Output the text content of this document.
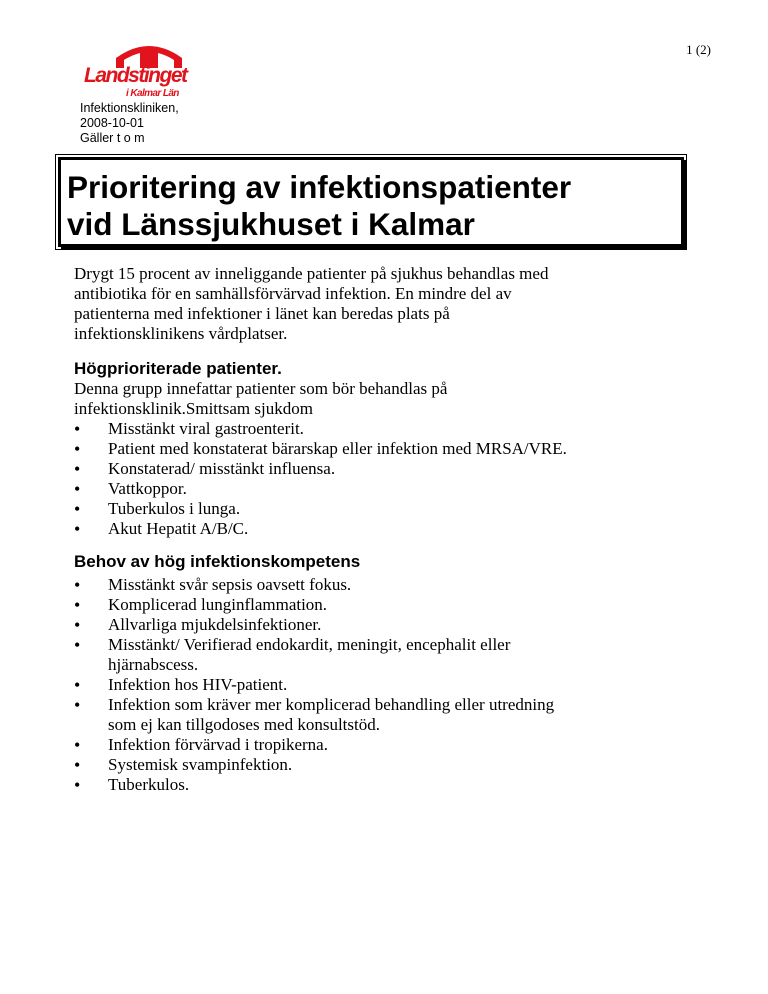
1 (2)
Landstinget
i Kalmar Län
Infektionskliniken,
2008-10-01
Gäller t o m
Prioritering av infektionspatienter
vid Länssjukhuset i Kalmar

Drygt 15 procent av inneliggande patienter på sjukhus behandlas med

antibiotika för en samhällsförvärvad infektion. En mindre del av

patienterna med infektioner i länet kan beredas plats på

infektionsklinikens vårdplatser.

Högprioriterade patienter.

Denna grupp innefattar patienter som bör behandlas på

infektionsklinik.Smittsam sjukdom

• Misstänkt viral gastroenterit.
• Patient med konstaterat bärarskap eller infektion med MRSA/VRE.
• Konstaterad/ misstänkt influensa.
• Vattkoppor.
• Tuberkulos i lunga.
• Akut Hepatit A/B/C.
Behov av hög infektionskompetens
• Misstänkt svår sepsis oavsett fokus.
• Komplicerad lunginflammation.
• Allvarliga mjukdelsinfektioner.
• Misstänkt/ Verifierad endokardit, meningit, encephalit eller
hjärnabscess.
• Infektion hos HIV-patient.
• Infektion som kräver mer komplicerad behandling eller utredning
som ej kan tillgodoses med konsultstöd.
• Infektion förvärvad i tropikerna.
• Systemisk svampinfektion.
• Tuberkulos.
